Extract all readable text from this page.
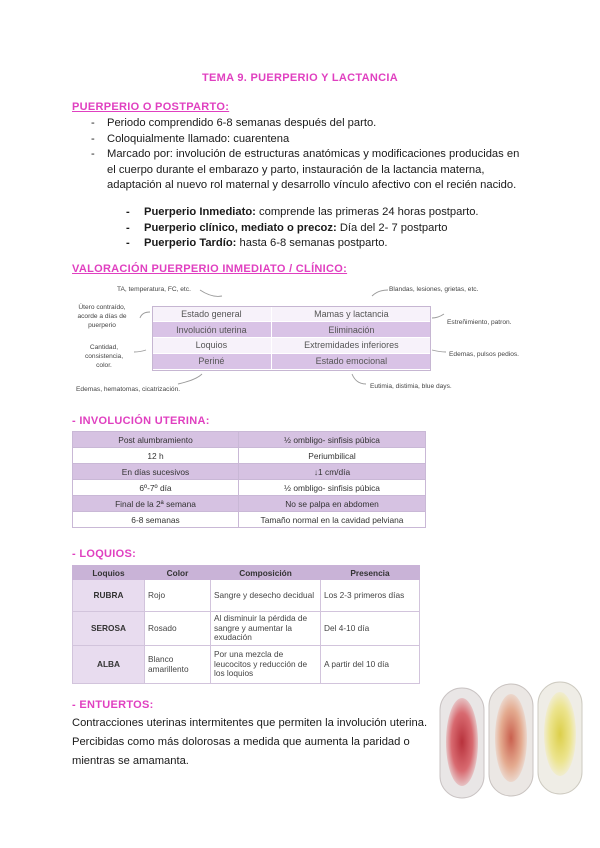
TEMA 9. PUERPERIO Y LACTANCIA
PUERPERIO O POSTPARTO:
- Periodo comprendido 6-8 semanas después del parto.
- Coloquialmente llamado: cuarentena
- Marcado por: involución de estructuras anatómicas y modificaciones producidas en el cuerpo durante el embarazo y parto, instauración de la lactancia materna, adaptación al nuevo rol maternal y desarrollo vínculo afectivo con el recién nacido.
- Puerperio Inmediato: comprende las primeras 24 horas postparto.
- Puerperio clínico, mediato o precoz: Día del 2- 7 postparto
- Puerperio Tardío: hasta 6-8 semanas postparto.
VALORACIÓN PUERPERIO INMEDIATO / CLÍNICO:
Estado general	Mamas y lactancia
Involución uterina	Eliminación
Loquios	Extremidades inferiores
Periné	Estado emocional
TA, temperatura, FC, etc.	Blandas, lesiones, grietas, etc.
Útero contraído,
acorde a días de
puerperio
Cantidad,
consistencia,
color.
Edemas, hematomas, cicatrización.
Estreñimiento, patron.
Edemas, pulsos pedios.
Eutimia, distimia, blue days.
- INVOLUCIÓN UTERINA:
Post alumbramiento	½ ombligo- sinfisis púbica
12 h	Periumbilical
En días sucesivos	↓1 cm/día
6º-7º día	½ ombligo- sinfisis púbica
Final de la 2ª semana	No se palpa en abdomen
6-8 semanas	Tamaño normal en la cavidad pelviana
- LOQUIOS:
Loquios	Color	Composición	Presencia
RUBRA	Rojo	Sangre y desecho decidual	Los 2-3 primeros días
SEROSA	Rosado	Al disminuir la pérdida de sangre y aumentar la exudación	Del 4-10 día
ALBA	Blanco amarillento	Por una mezcla de leucocitos y reducción de los loquios	A partir del 10 día
- ENTUERTOS:
Contracciones uterinas intermitentes que permiten la involución uterina. Percibidas como más dolorosas a medida que aumenta la paridad o mientras se amamanta.
